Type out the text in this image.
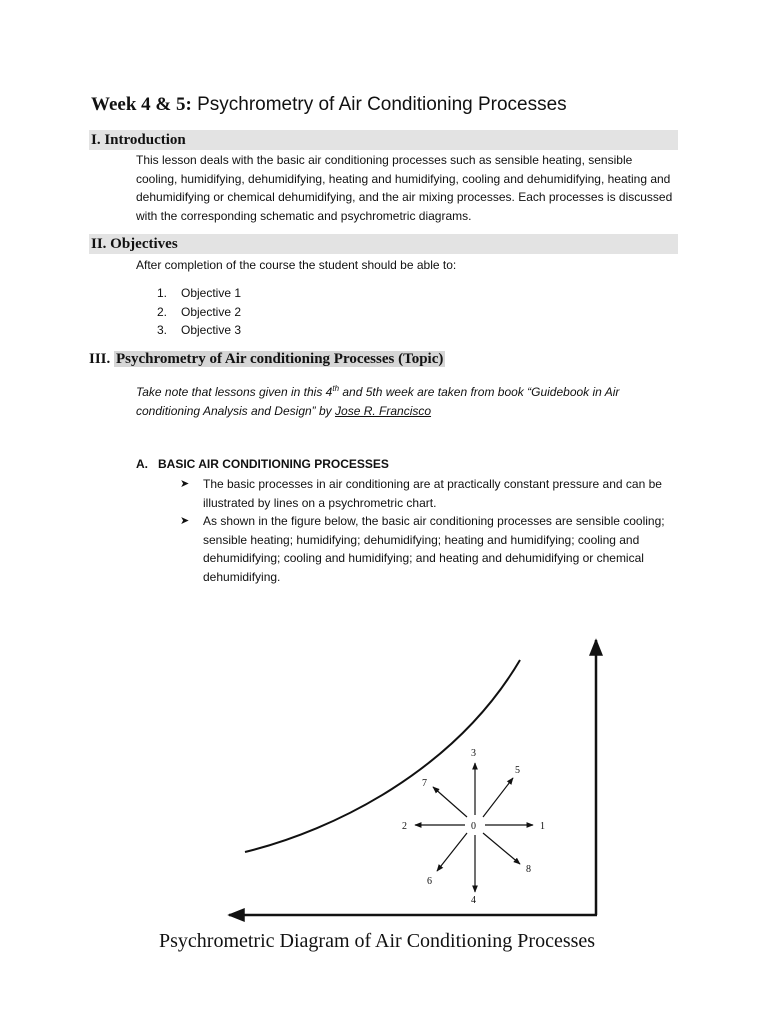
Week 4 & 5: Psychrometry of Air Conditioning Processes
I. Introduction
This lesson deals with the basic air conditioning processes such as sensible heating, sensible cooling, humidifying, dehumidifying, heating and humidifying, cooling and dehumidifying, heating and dehumidifying or chemical dehumidifying, and the air mixing processes. Each processes is discussed with the corresponding schematic and psychrometric diagrams.
II. Objectives
After completion of the course the student should be able to:
1. Objective 1
2. Objective 2
3. Objective 3
III. Psychrometry of Air conditioning Processes (Topic)
Take note that lessons given in this 4th and 5th week are taken from book “Guidebook in Air conditioning Analysis and Design” by Jose R. Francisco
A. BASIC AIR CONDITIONING PROCESSES
➤	The basic processes in air conditioning are at practically constant pressure and can be illustrated by lines on a psychrometric chart.
➤	As shown in the figure below, the basic air conditioning processes are sensible cooling; sensible heating; humidifying; dehumidifying; heating and humidifying; cooling and dehumidifying; cooling and humidifying; and heating and dehumidifying or chemical dehumidifying.
0	1
2
3
4
5
6
7
8
Psychrometric Diagram of Air Conditioning Processes
